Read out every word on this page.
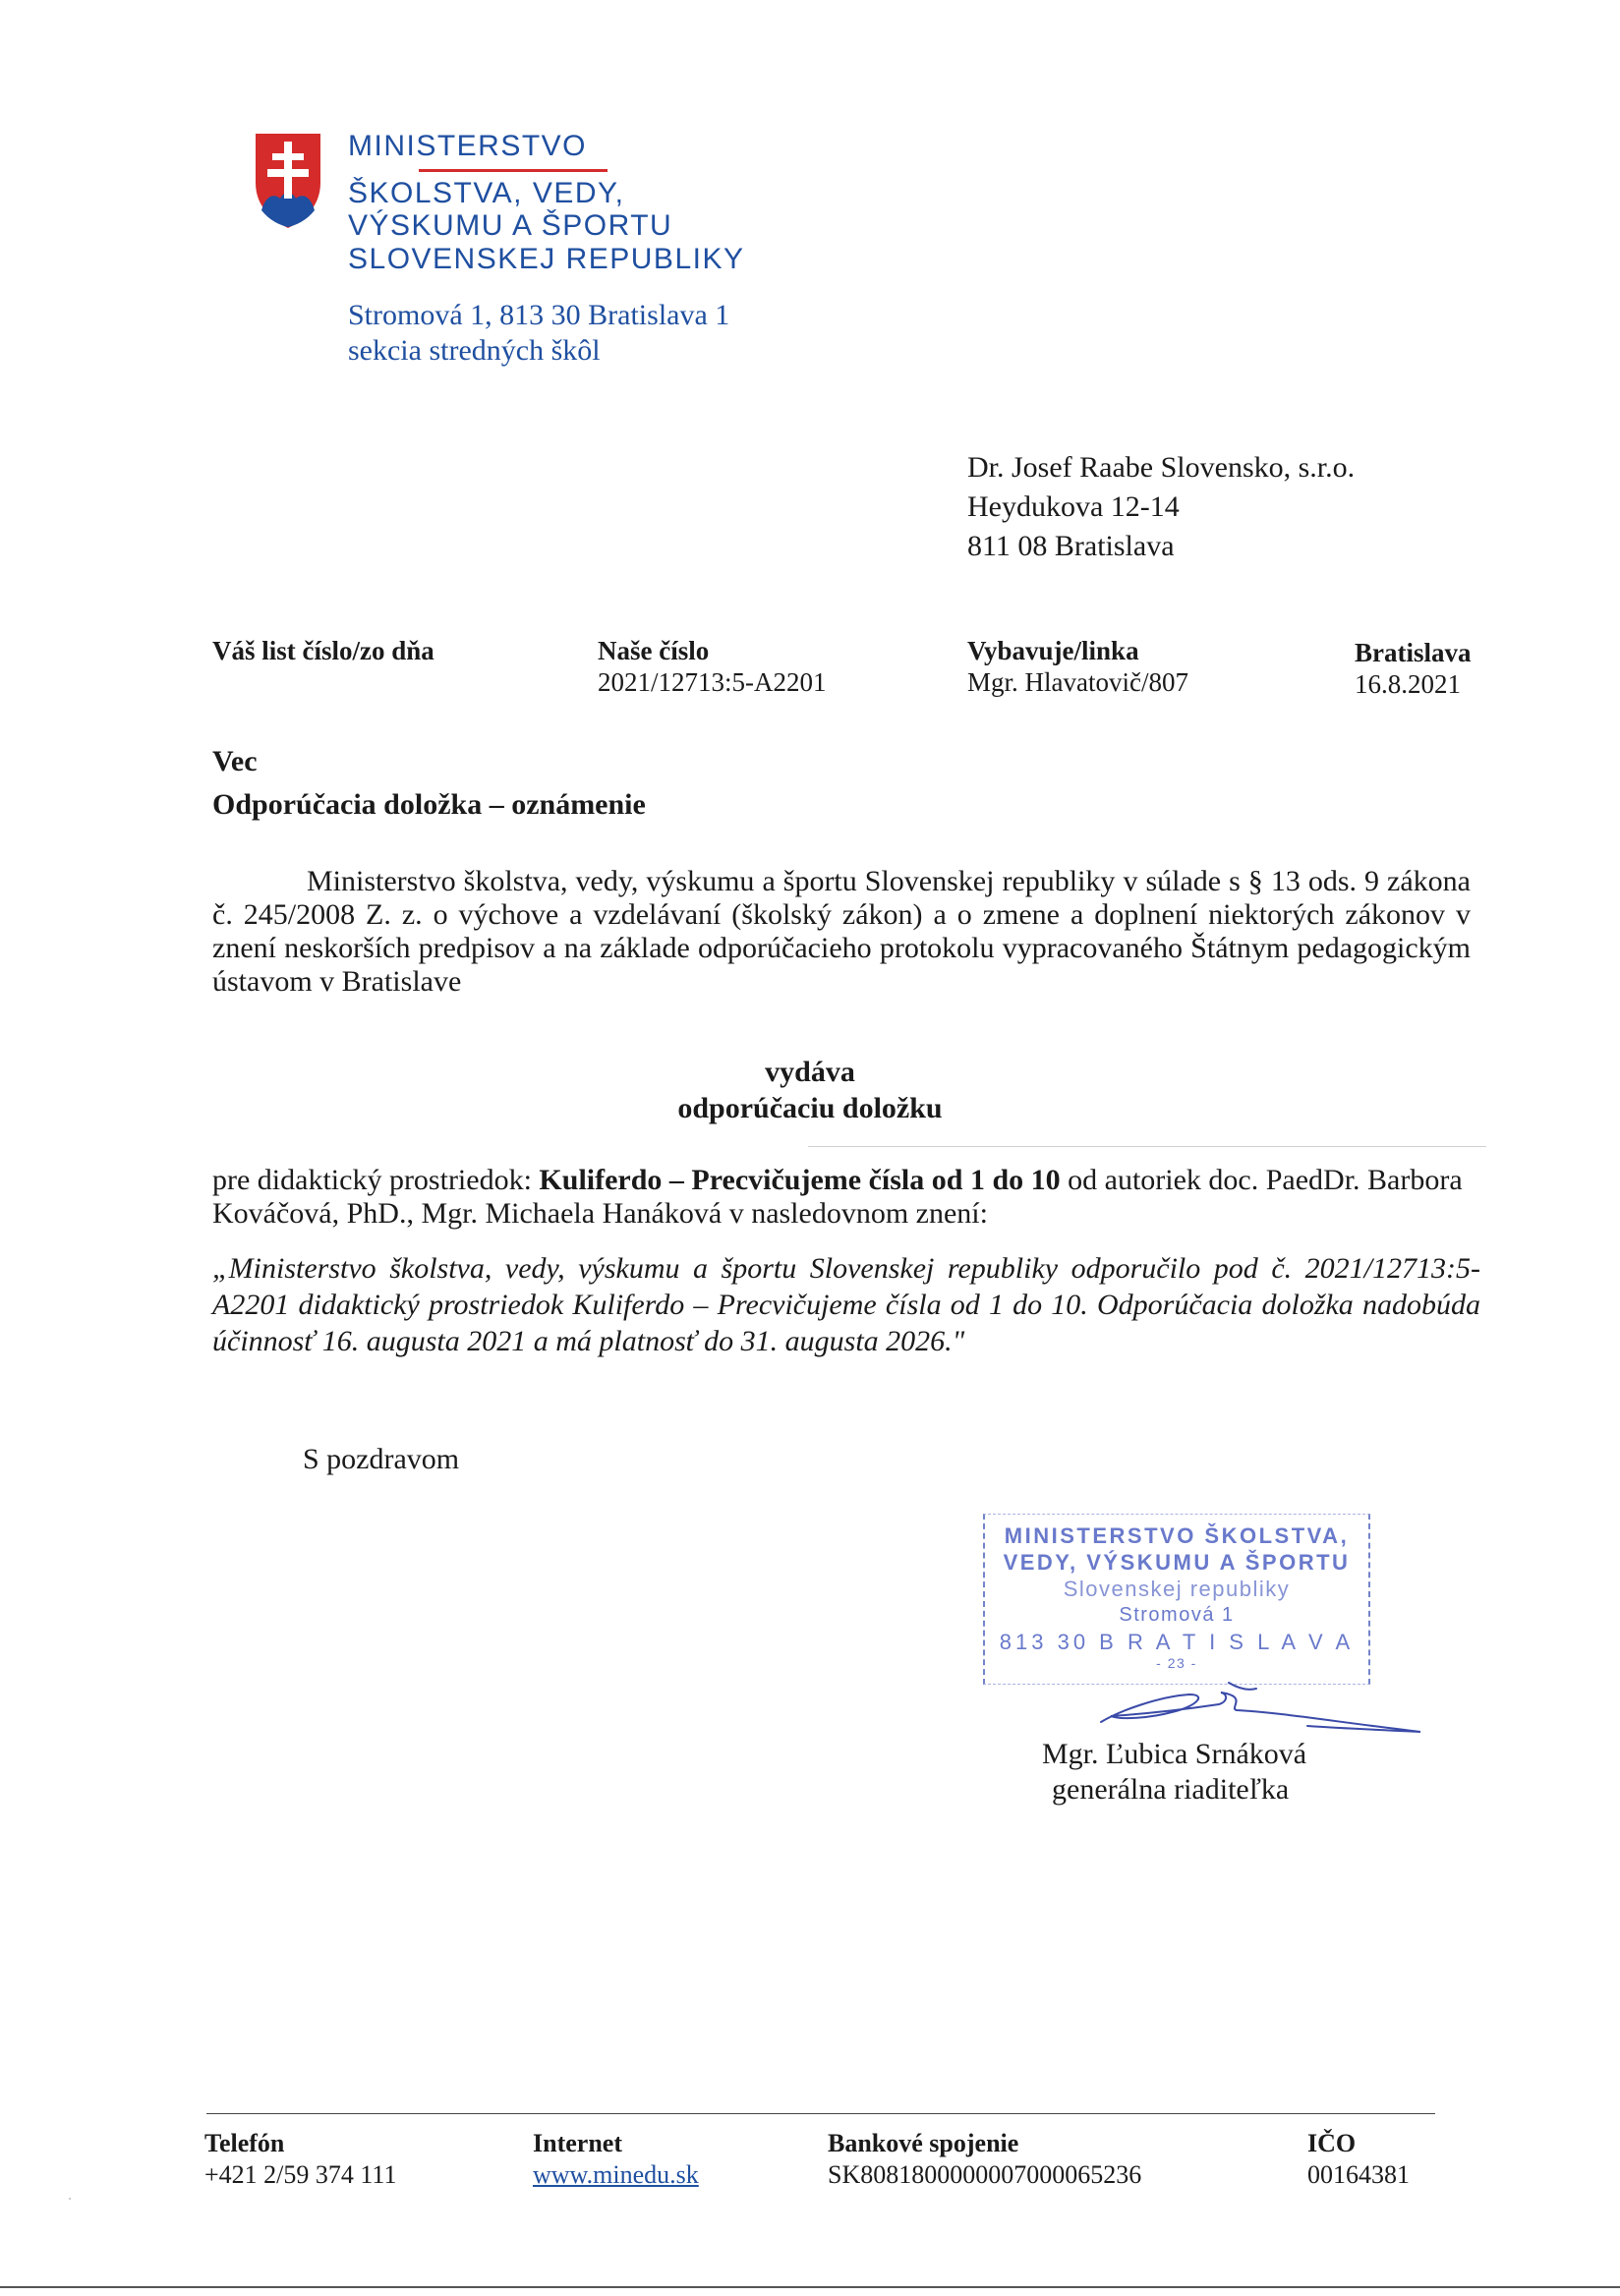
MINISTERSTVO
ŠKOLSTVA, VEDY,
VÝSKUMU A ŠPORTU
SLOVENSKEJ REPUBLIKY
Stromová 1, 813 30 Bratislava 1
sekcia stredných škôl
Dr. Josef Raabe Slovensko, s.r.o.
Heydukova 12-14
811 08 Bratislava
Váš list číslo/zo dňa	Naše číslo
2021/12713:5-A2201
Vybavuje/linka
Mgr. Hlavatovič/807
Bratislava
16.8.2021
Vec
Odporúčacia doložka – oznámenie
Ministerstvo školstva, vedy, výskumu a športu Slovenskej republiky v súlade s § 13 ods. 9 zákona č. 245/2008 Z. z. o výchove a vzdelávaní (školský zákon) a o zmene a doplnení niektorých zákonov v znení neskorších predpisov a na základe odporúčacieho protokolu vypracovaného Štátnym pedagogickým ústavom v Bratislave
vydáva
odporúčaciu doložku
pre didaktický prostriedok: Kuliferdo – Precvičujeme čísla od 1 do 10 od autoriek doc. PaedDr. Barbora Kováčová, PhD., Mgr. Michaela Hanáková v nasledovnom znení:
„Ministerstvo školstva, vedy, výskumu a športu Slovenskej republiky odporučilo pod č. 2021/12713:5-A2201 didaktický prostriedok Kuliferdo – Precvičujeme čísla od 1 do 10. Odporúčacia doložka nadobúda účinnosť 16. augusta 2021 a má platnosť do 31. augusta 2026."
S pozdravom
MINISTERSTVO ŠKOLSTVA,
VEDY, VÝSKUMU A ŠPORTU
Slovenskej republiky
Stromová 1
813 30 B R A T I S L A V A
- 23 -
Mgr. Ľubica Srnáková
generálna riaditeľka
Telefón
+421 2/59 374 111
Internet
www.minedu.sk
Bankové spojenie
SK8081800000007000065236
IČO
00164381
